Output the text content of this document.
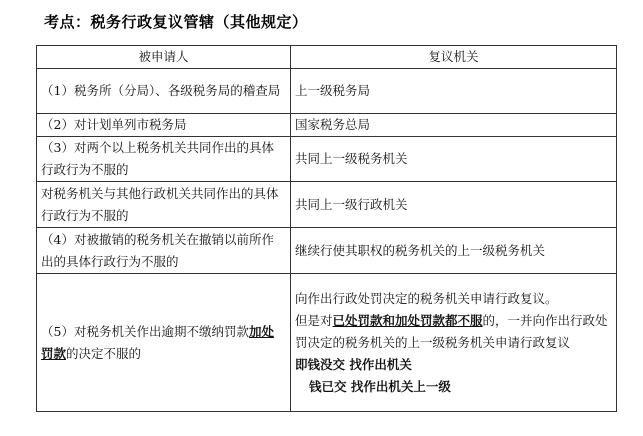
考点：税务行政复议管辖（其他规定）
被申请人	复议机关
（1）税务所（分局）、各级税务局的稽查局	上一级税务局
（2）对计划单列市税务局	国家税务总局
（3）对两个以上税务机关共同作出的具体行政行为不服的	共同上一级税务机关
对税务机关与其他行政机关共同作出的具体行政行为不服的	共同上一级行政机关
（4）对被撤销的税务机关在撤销以前所作出的具体行政行为不服的	继续行使其职权的税务机关的上一级税务机关
（5）对税务机关作出逾期不缴纳罚款加处罚款的决定不服的	向作出行政处罚决定的税务机关申请行政复议。
但是对已处罚款和加处罚款都不服的，一并向作出行政处罚决定的税务机关的上一级税务机关申请行政复议
即钱没交 找作出机关
钱已交 找作出机关上一级
